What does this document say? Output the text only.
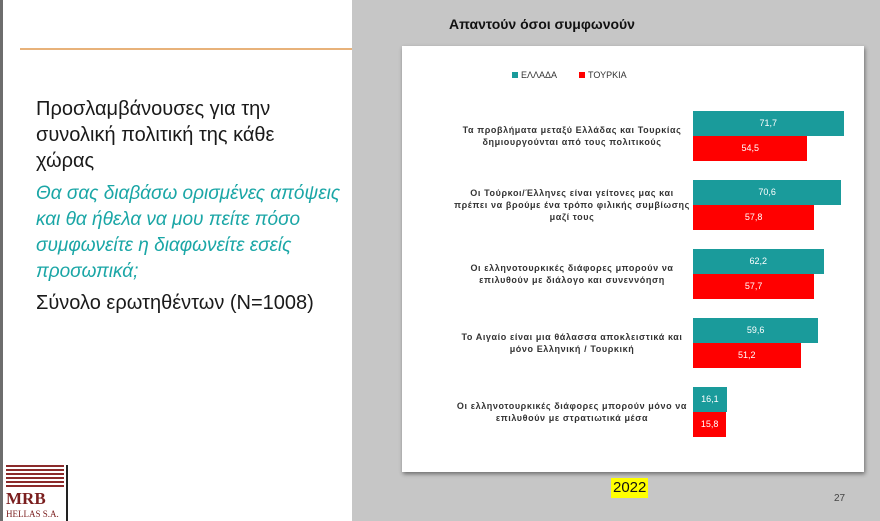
Προσλαμβάνουσες για την συνολική πολιτική της κάθε χώρας
Θα σας διαβάσω ορισμένες απόψεις και θα ήθελα να μου πείτε πόσο συμφωνείτε η διαφωνείτε εσείς προσωπικά;
Σύνολο ερωτηθέντων (N=1008)
MRB
HELLAS S.A.
Απαντούν όσοι συμφωνούν
ΕΛΛΑΔΑ	ΤΟΥΡΚΙΑ
Τα προβλήματα μεταξύ Ελλάδας και Τουρκίας δημιουργούνται από τους πολιτικούς
71,7
54,5
Οι Τούρκοι/Έλληνες είναι γείτονες μας και πρέπει να βρούμε ένα τρόπο φιλικής συμβίωσης μαζί τους
70,6
57,8
Οι ελληνοτουρκικές διάφορες μπορούν να επιλυθούν με διάλογο και συνεννόηση
62,2
57,7
Το Αιγαίο είναι μια θάλασσα αποκλειστικά και μόνο Ελληνική / Τουρκική
59,6
51,2
Οι ελληνοτουρκικές διάφορες μπορούν μόνο να επιλυθούν με στρατιωτικά μέσα
16,1
15,8
2022
27
